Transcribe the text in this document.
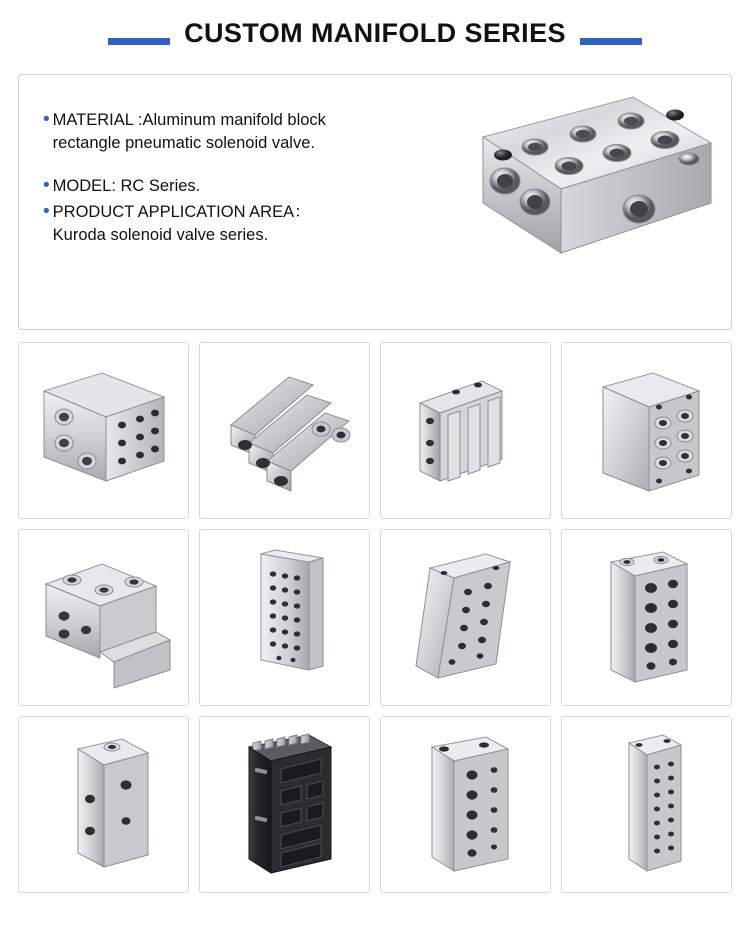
CUSTOM MANIFOLD SERIES
• MATERIAL :Aluminum manifold block
rectangle pneumatic solenoid valve.
• MODEL: RC Series.
• PRODUCT APPLICATION AREA：
Kuroda solenoid valve series.
